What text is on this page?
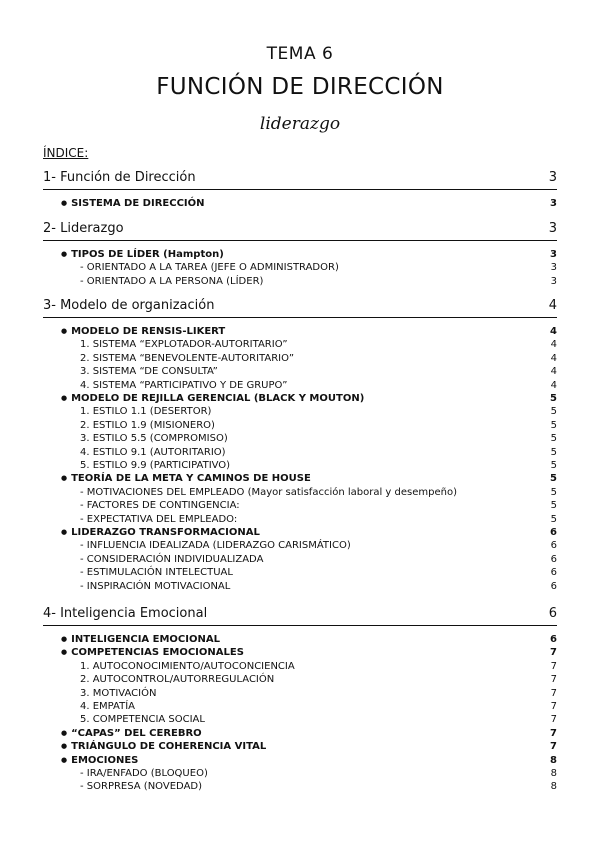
TEMA 6
FUNCIÓN DE DIRECCIÓN
liderazgo
ÍNDICE:
1- Función de Dirección	3
● SISTEMA DE DIRECCIÓN	3
2- Liderazgo	3
● TIPOS DE LÍDER (Hampton)	3
- ORIENTADO A LA TAREA (JEFE O ADMINISTRADOR)	3
- ORIENTADO A LA PERSONA (LÍDER)	3
3- Modelo de organización	4
● MODELO DE RENSIS-LIKERT	4
1. SISTEMA “EXPLOTADOR-AUTORITARIO”	4
2. SISTEMA “BENEVOLENTE-AUTORITARIO”	4
3. SISTEMA “DE CONSULTA”	4
4. SISTEMA “PARTICIPATIVO Y DE GRUPO”	4
● MODELO DE REJILLA GERENCIAL (BLACK Y MOUTON)	5
1. ESTILO 1.1 (DESERTOR)	5
2. ESTILO 1.9 (MISIONERO)	5
3. ESTILO 5.5 (COMPROMISO)	5
4. ESTILO 9.1 (AUTORITARIO)	5
5. ESTILO 9.9 (PARTICIPATIVO)	5
● TEORÍA DE LA META Y CAMINOS DE HOUSE	5
- MOTIVACIONES DEL EMPLEADO (Mayor satisfacción laboral y desempeño)	5
- FACTORES DE CONTINGENCIA:	5
- EXPECTATIVA DEL EMPLEADO:	5
● LIDERAZGO TRANSFORMACIONAL	6
- INFLUENCIA IDEALIZADA (LIDERAZGO CARISMÁTICO)	6
- CONSIDERACIÓN INDIVIDUALIZADA	6
- ESTIMULACIÓN INTELECTUAL	6
- INSPIRACIÓN MOTIVACIONAL	6
4- Inteligencia Emocional	6
● INTELIGENCIA EMOCIONAL	6
● COMPETENCIAS EMOCIONALES	7
1. AUTOCONOCIMIENTO/AUTOCONCIENCIA	7
2. AUTOCONTROL/AUTORREGULACIÓN	7
3. MOTIVACIÓN	7
4. EMPATÍA	7
5. COMPETENCIA SOCIAL	7
● “CAPAS” DEL CEREBRO	7
● TRIÁNGULO DE COHERENCIA VITAL	7
● EMOCIONES	8
- IRA/ENFADO (BLOQUEO)	8
- SORPRESA (NOVEDAD)	8
